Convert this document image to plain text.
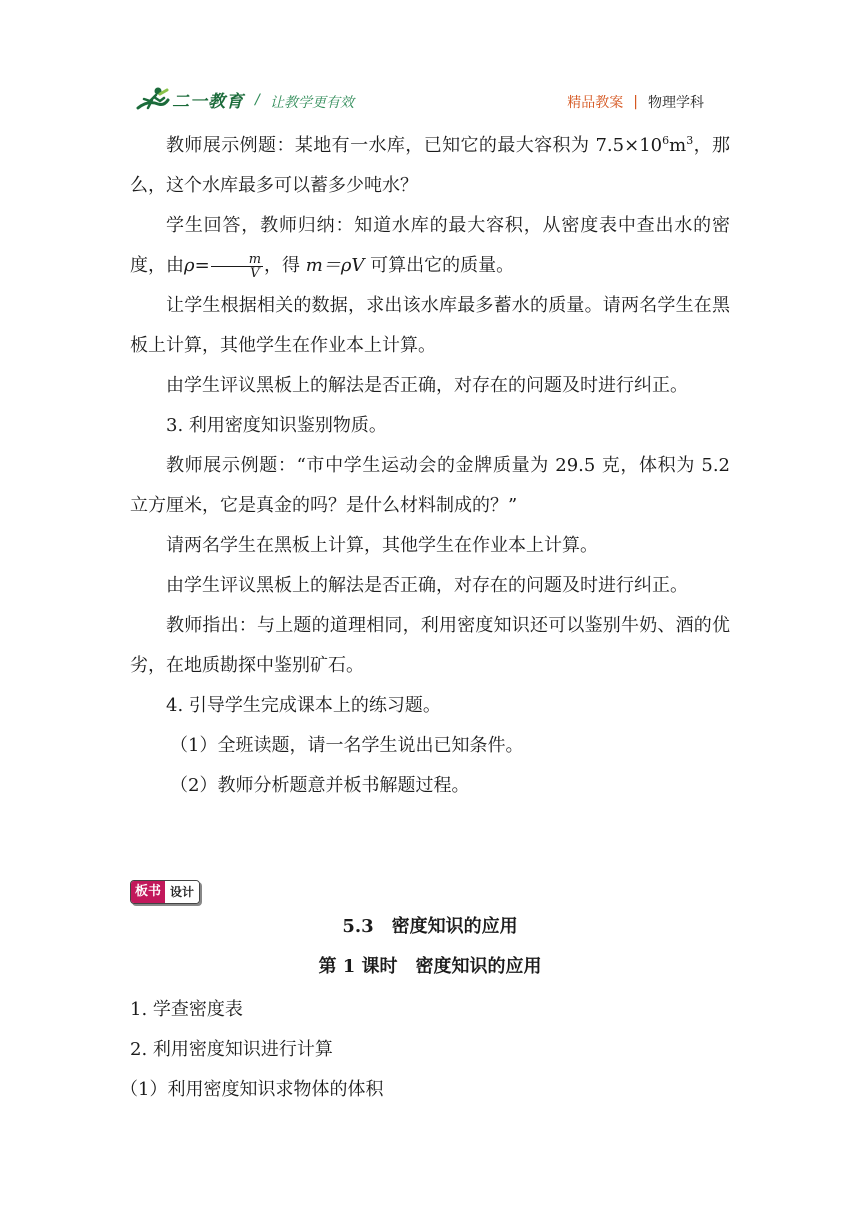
二一教育 / 让教学更有效	精品教案 | 物理学科

教师展示例题：某地有一水库，已知它的最大容积为 $7.5\times 10^6m^3$，那么，这个水库最多可以蓄多少吨水？

学生回答，教师归纳：知道水库的最大容积，从密度表中查出水的密度，由$\rho= \frac{m}{V}$ ，得 m＝ρV 可算出它的质量。

让学生根据相关的数据，求出该水库最多蓄水的质量。请两名学生在黑板上计算，其他学生在作业本上计算。

由学生评议黑板上的解法是否正确，对存在的问题及时进行纠正。

3. 利用密度知识鉴别物质。

教师展示例题：“市中学生运动会的金牌质量为 29.5 克，体积为 5.2 立方厘米，它是真金的吗？是什么材料制成的？”

请两名学生在黑板上计算，其他学生在作业本上计算。

由学生评议黑板上的解法是否正确，对存在的问题及时进行纠正。

教师指出：与上题的道理相同，利用密度知识还可以鉴别牛奶、酒的优劣，在地质勘探中鉴别矿石。

4. 引导学生完成课本上的练习题。

（1）全班读题，请一名学生说出已知条件。

（2）教师分析题意并板书解题过程。

板书 设计
5.3　密度知识的应用
第 1 课时　密度知识的应用

1. 学查密度表

2. 利用密度知识进行计算

（1）利用密度知识求物体的体积
